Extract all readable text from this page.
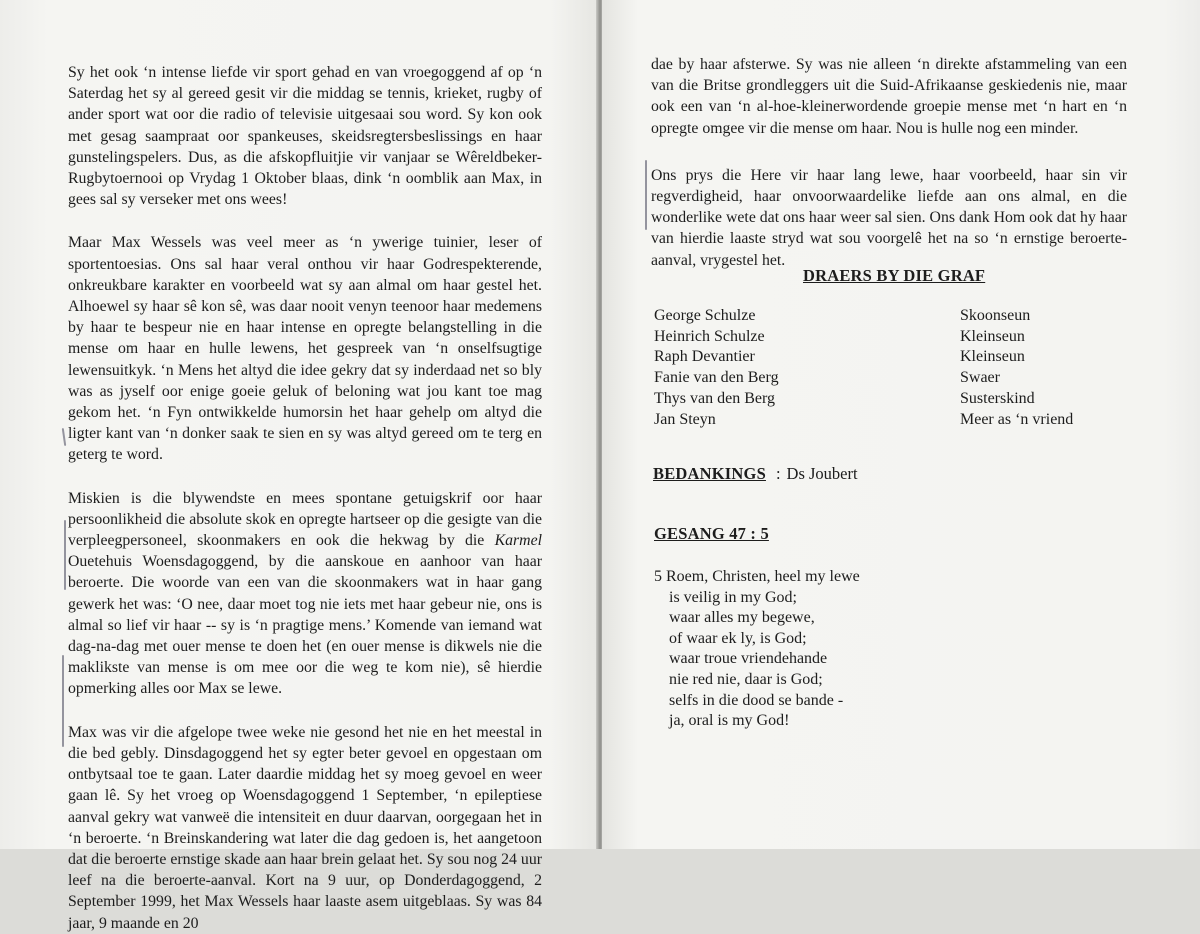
Sy het ook ‘n intense liefde vir sport gehad en van vroegoggend af op ‘n Saterdag het sy al gereed gesit vir die middag se tennis, krieket, rugby of ander sport wat oor die radio of televisie uitgesaai sou word. Sy kon ook met gesag saampraat oor spankeuses, skeidsregtersbeslissings en haar gunstelingspelers. Dus, as die afskopfluitjie vir vanjaar se Wêreldbeker-Rugbytoernooi op Vrydag 1 Oktober blaas, dink ‘n oomblik aan Max, in gees sal sy verseker met ons wees!

Maar Max Wessels was veel meer as ‘n ywerige tuinier, leser of sportentoesias. Ons sal haar veral onthou vir haar Godrespekterende, onkreukbare karakter en voorbeeld wat sy aan almal om haar gestel het. Alhoewel sy haar sê kon sê, was daar nooit venyn teenoor haar medemens by haar te bespeur nie en haar intense en opregte belangstelling in die mense om haar en hulle lewens, het gespreek van ‘n onselfsugtige lewensuitkyk. ‘n Mens het altyd die idee gekry dat sy inderdaad net so bly was as jyself oor enige goeie geluk of beloning wat jou kant toe mag gekom het. ‘n Fyn ontwikkelde humorsin het haar gehelp om altyd die ligter kant van ‘n donker saak te sien en sy was altyd gereed om te terg en geterg te word.

Miskien is die blywendste en mees spontane getuigskrif oor haar persoonlikheid die absolute skok en opregte hartseer op die gesigte van die verpleegpersoneel, skoonmakers en ook die hekwag by die Karmel Ouetehuis Woensdagoggend, by die aanskoue en aanhoor van haar beroerte. Die woorde van een van die skoonmakers wat in haar gang gewerk het was: ‘O nee, daar moet tog nie iets met haar gebeur nie, ons is almal so lief vir haar -- sy is ‘n pragtige mens.’ Komende van iemand wat dag-na-dag met ouer mense te doen het (en ouer mense is dikwels nie die maklikste van mense is om mee oor die weg te kom nie), sê hierdie opmerking alles oor Max se lewe.

Max was vir die afgelope twee weke nie gesond het nie en het meestal in die bed gebly. Dinsdagoggend het sy egter beter gevoel en opgestaan om ontbytsaal toe te gaan. Later daardie middag het sy moeg gevoel en weer gaan lê. Sy het vroeg op Woensdagoggend 1 September, ‘n epileptiese aanval gekry wat vanweë die intensiteit en duur daarvan, oorgegaan het in ‘n beroerte. ‘n Breinskandering wat later die dag gedoen is, het aangetoon dat die beroerte ernstige skade aan haar brein gelaat het. Sy sou nog 24 uur leef na die beroerte-aanval. Kort na 9 uur, op Donderdagoggend, 2 September 1999, het Max Wessels haar laaste asem uitgeblaas. Sy was 84 jaar, 9 maande en 20

dae by haar afsterwe. Sy was nie alleen ‘n direkte afstammeling van een van die Britse grondleggers uit die Suid-Afrikaanse geskiedenis nie, maar ook een van ‘n al-hoe-kleinerwordende groepie mense met ‘n hart en ‘n opregte omgee vir die mense om haar. Nou is hulle nog een minder.

Ons prys die Here vir haar lang lewe, haar voorbeeld, haar sin vir regverdigheid, haar onvoorwaardelike liefde aan ons almal, en die wonderlike wete dat ons haar weer sal sien. Ons dank Hom ook dat hy haar van hierdie laaste stryd wat sou voorgelê het na so ‘n ernstige beroerte-aanval, vrygestel het.

DRAERS BY DIE GRAF
George Schulze	Skoonseun
Heinrich Schulze	Kleinseun
Raph Devantier	Kleinseun
Fanie van den Berg	Swaer
Thys van den Berg	Susterskind
Jan Steyn	Meer as ‘n vriend
BEDANKINGS : Ds Joubert
GESANG 47 : 5
5 Roem, Christen, heel my lewe
is veilig in my God;
waar alles my begewe,
of waar ek ly, is God;
waar troue vriendehande
nie red nie, daar is God;
selfs in die dood se bande -
ja, oral is my God!
